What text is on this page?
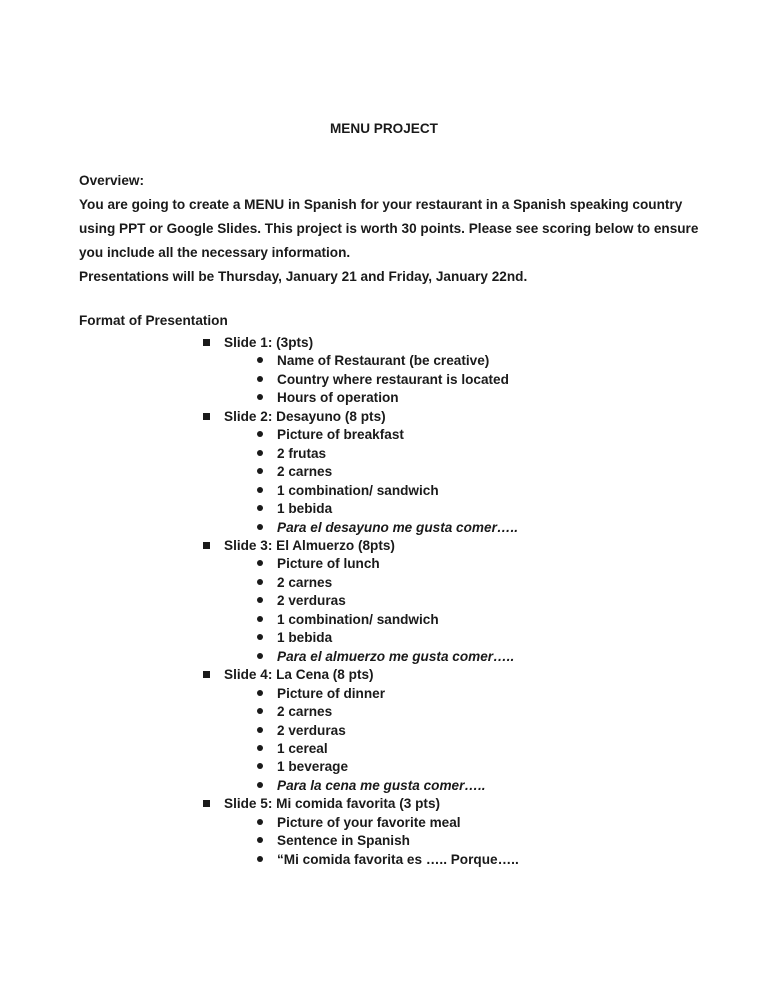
MENU PROJECT
Overview:
You are going to create a MENU in Spanish for your restaurant in a Spanish speaking country
using PPT or Google Slides. This project is worth 30 points. Please see scoring below to ensure
you include all the necessary information.
Presentations will be Thursday, January 21 and Friday, January 22nd.
Format of Presentation
Slide 1: (3pts)
Name of Restaurant (be creative)
Country where restaurant is located
Hours of operation
Slide 2: Desayuno (8 pts)
Picture of breakfast
2 frutas
2 carnes
1 combination/ sandwich
1 bebida
Para el desayuno me gusta comer…..
Slide 3: El Almuerzo (8pts)
Picture of lunch
2 carnes
2 verduras
1 combination/ sandwich
1 bebida
Para el almuerzo me gusta comer…..
Slide 4: La Cena (8 pts)
Picture of dinner
2 carnes
2 verduras
1 cereal
1 beverage
Para la cena me gusta comer…..
Slide 5: Mi comida favorita (3 pts)
Picture of your favorite meal
Sentence in Spanish
“Mi comida favorita es ….. Porque…..
